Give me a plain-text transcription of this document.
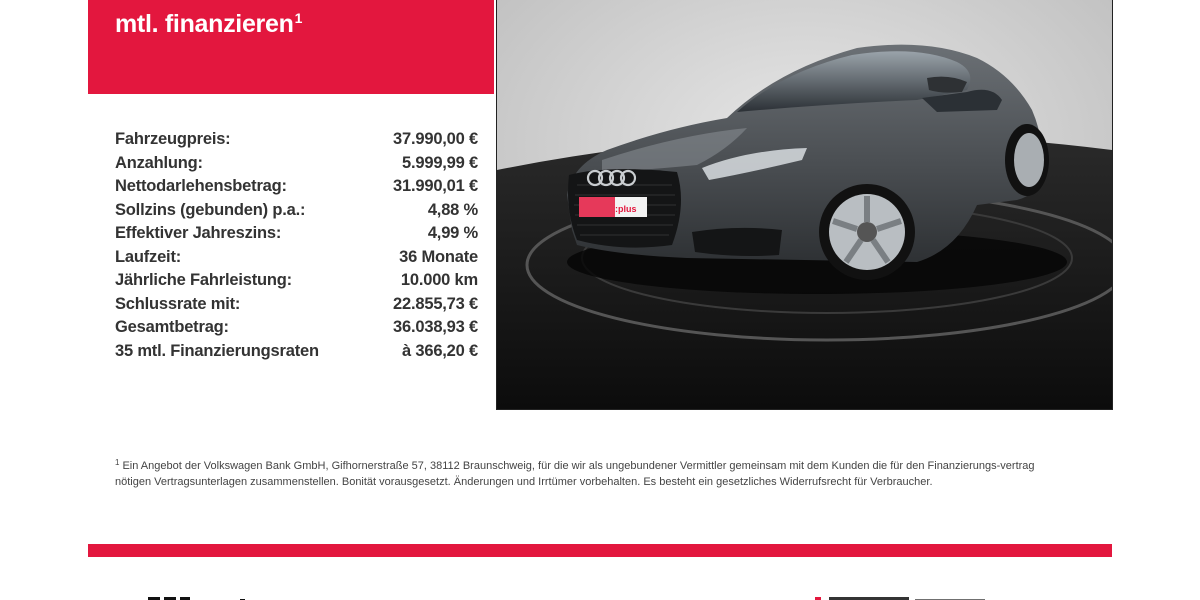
mtl. finanzieren$^1$
Fahrzeugpreis:	37.990,00 €
Anzahlung:	5.999,99 €
Nettodarlehensbetrag:	31.990,01 €
Sollzins (gebunden) p.a.:	4,88 %
Effektiver Jahreszins:	4,99 %
Laufzeit:	36 Monate
Jährliche Fahrleistung:	10.000 km
Schlussrate mit:	22.855,73 €
Gesamtbetrag:	36.038,93 €
35 mtl. Finanzierungsraten	à 366,20 €
:plus
$^1$ Ein Angebot der Volkswagen Bank GmbH, Gifhornerstraße 57, 38112 Braunschweig, für die wir als ungebundener Vermittler gemeinsam mit dem Kunden die für den Finanzierungs-vertrag nötigen Vertragsunterlagen zusammenstellen. Bonität vorausgesetzt. Änderungen und Irrtümer vorbehalten. Es besteht ein gesetzliches Widerrufsrecht für Verbraucher.
